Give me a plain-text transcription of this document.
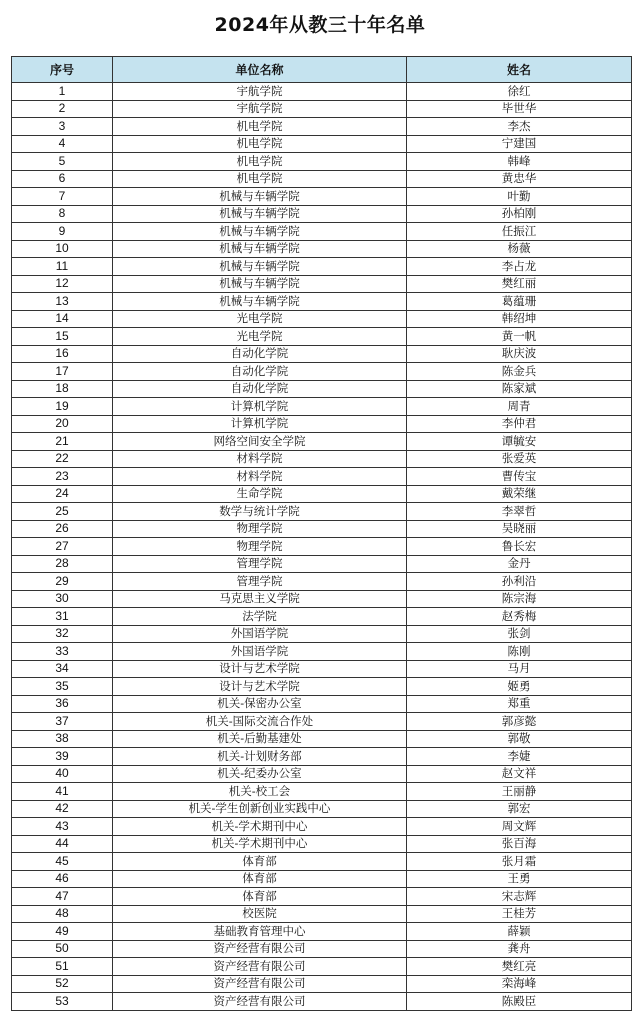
2024年从教三十年名单
序号	单位名称	姓名
1	宇航学院	徐红
2	宇航学院	毕世华
3	机电学院	李杰
4	机电学院	宁建国
5	机电学院	韩峰
6	机电学院	黄忠华
7	机械与车辆学院	叶勤
8	机械与车辆学院	孙柏刚
9	机械与车辆学院	任振江
10	机械与车辆学院	杨薇
11	机械与车辆学院	李占龙
12	机械与车辆学院	樊红丽
13	机械与车辆学院	葛蕴珊
14	光电学院	韩绍坤
15	光电学院	黄一帆
16	自动化学院	耿庆波
17	自动化学院	陈金兵
18	自动化学院	陈家斌
19	计算机学院	周青
20	计算机学院	李仲君
21	网络空间安全学院	谭毓安
22	材料学院	张爱英
23	材料学院	曹传宝
24	生命学院	戴荣继
25	数学与统计学院	李翠哲
26	物理学院	吴晓丽
27	物理学院	鲁长宏
28	管理学院	金丹
29	管理学院	孙利沿
30	马克思主义学院	陈宗海
31	法学院	赵秀梅
32	外国语学院	张剑
33	外国语学院	陈刚
34	设计与艺术学院	马月
35	设计与艺术学院	姬勇
36	机关-保密办公室	郑重
37	机关-国际交流合作处	郭彦懿
38	机关-后勤基建处	郭敬
39	机关-计划财务部	李婕
40	机关-纪委办公室	赵文祥
41	机关-校工会	王丽静
42	机关-学生创新创业实践中心	郭宏
43	机关-学术期刊中心	周文辉
44	机关-学术期刊中心	张百海
45	体育部	张月霜
46	体育部	王勇
47	体育部	宋志辉
48	校医院	王桂芳
49	基础教育管理中心	薛颖
50	资产经营有限公司	龚舟
51	资产经营有限公司	樊红亮
52	资产经营有限公司	栾海峰
53	资产经营有限公司	陈殿臣
